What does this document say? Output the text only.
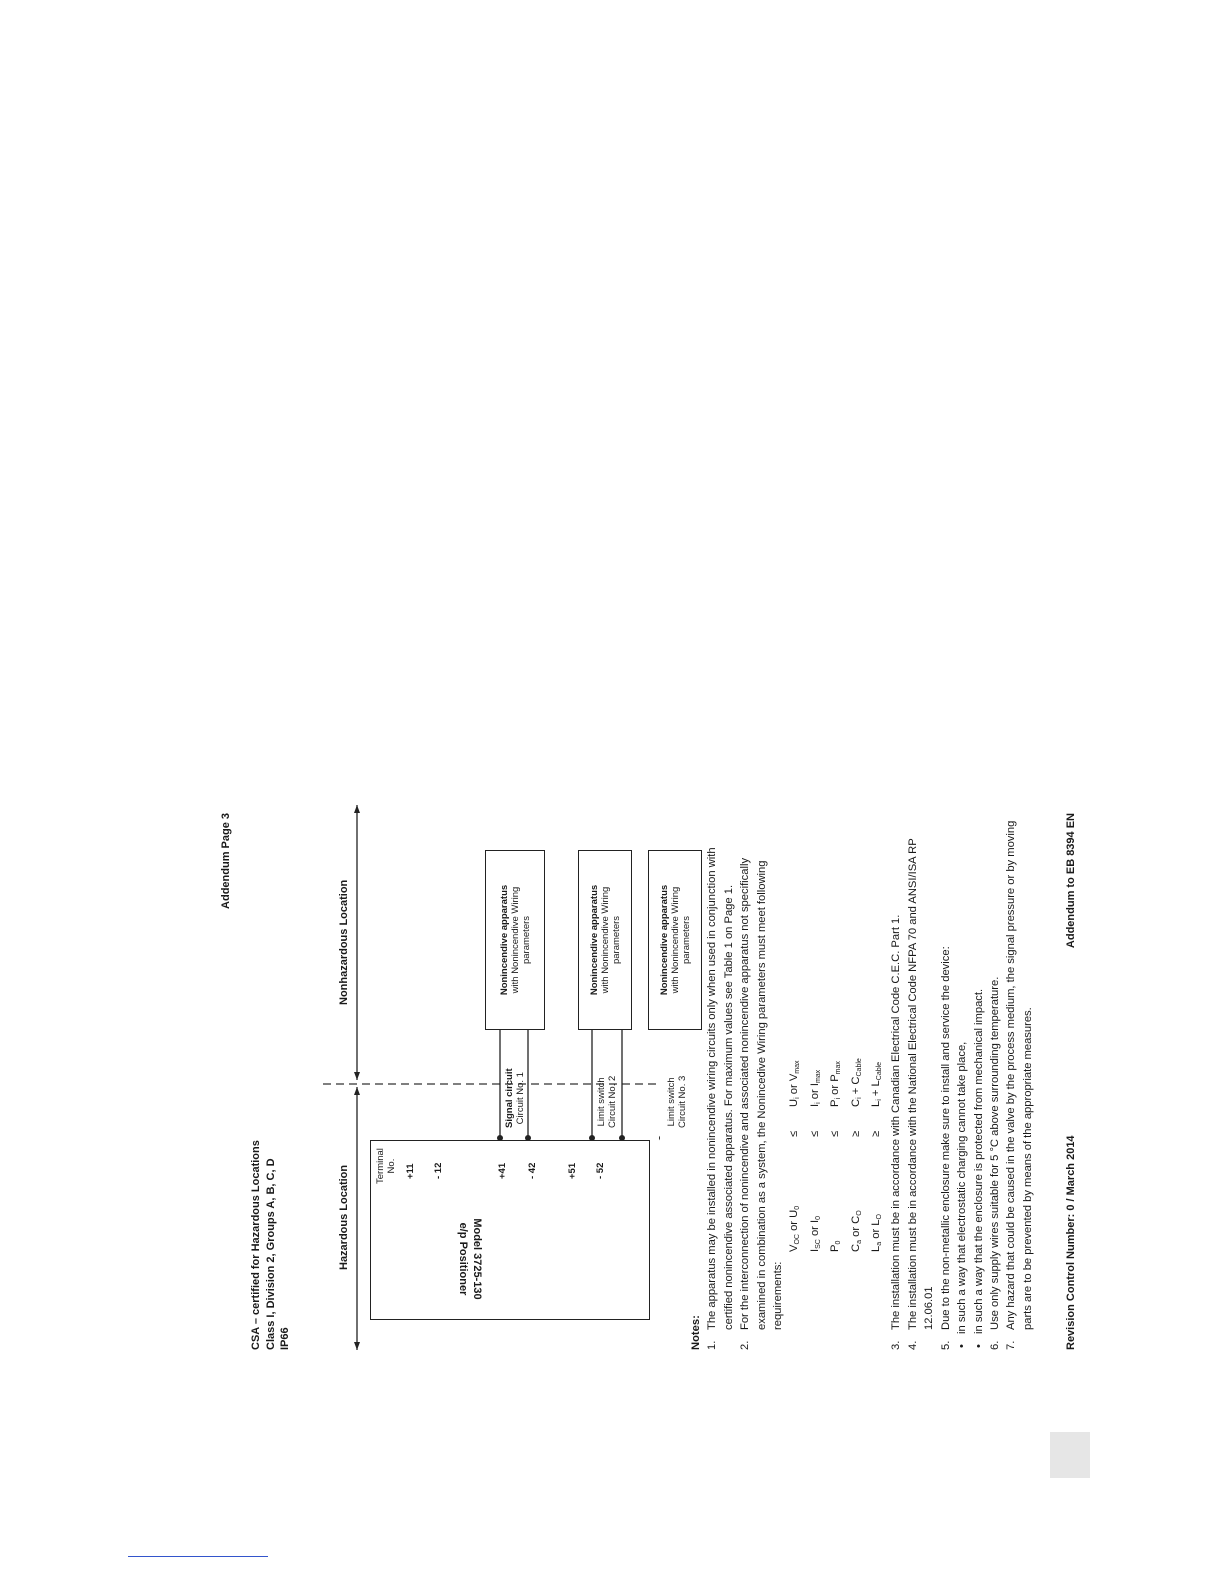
Addendum Page 3
CSA – certified for Hazardous Locations Class I, Division 2, Groups A, B, C, D IP66
Hazardous Location
Nonhazardous Location
Model 3725-130
e/p Positioner
Terminal No. +11 - 12	+41 - 42	+51 - 52
Signal circuit Circuit No. 1	Limit switch Circuit No. 2	Limit switch Circuit No. 3
Nonincendive apparatus with Nonincendive Wiring parameters	Nonincendive apparatus with Nonincendive Wiring parameters	Nonincendive apparatus with Nonincendive Wiring parameters
Notes: 1.
The apparatus may be installed in nonincendive wiring circuits only when used in conjunction with certified nonincendive associated apparatus. For maximum values see Table 1 on Page 1.
2.
For the interconnection of nonincendive and associated nonincendive apparatus not specifically examined in combination as a system, the Nonincedive Wiring parameters must meet following requirements:
$V_{OC}$ or $U_0$
≤
$U_i$ or $V_{max}$
$I_{SC}$ or $I_0$
≤
$I_i$ or $I_{max}$
$P_0$
≤
$P_i$ or $P_{max}$
$C_a$ or $C_O$
≥
$C_i + C_{Cable}$
$L_a$ or $L_O$
≥
$L_i + L_{Cable}$
3.
The installation must be in accordance with Canadian Electrical Code C.E.C. Part 1.
4.
The installation must be in accordance with the National Electrical Code NFPA 70 and ANSI/ISA RP 12.06.01
5.
Due to the non-metallic enclosure make sure to install and service the device:
•
in such a way that electrostatic charging cannot take place,
•
in such a way that the enclosure is protected from mechanical impact.
6.
Use only supply wires suitable for 5 °C above surrounding temperature.
7.
Any hazard that could be caused in the valve by the process medium, the signal pressure or by moving parts are to be prevented by means of the appropriate measures.	Revision Control Number: 0 / March 2014
Addendum to EB 8394 EN
